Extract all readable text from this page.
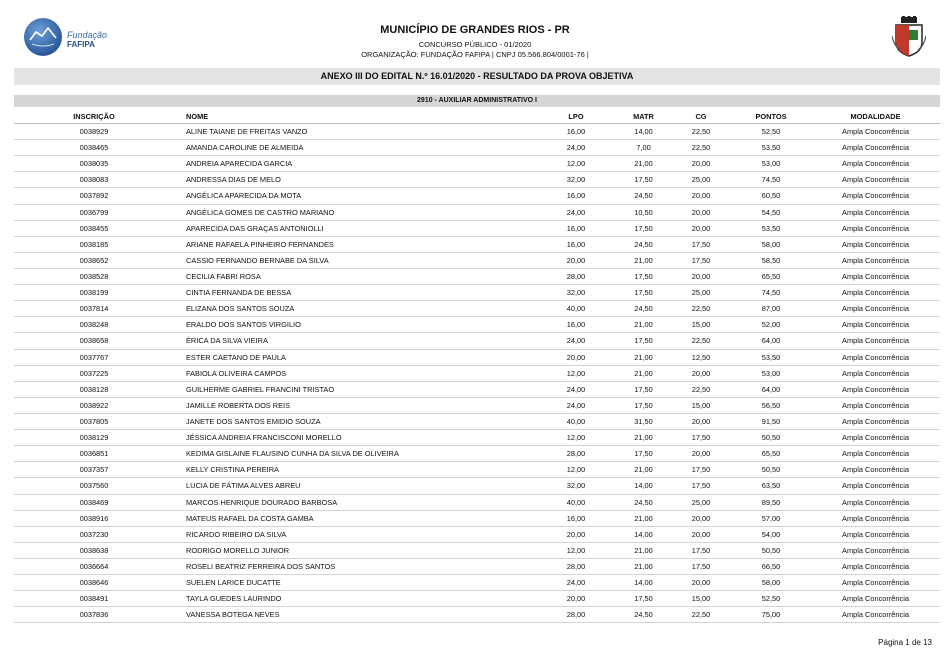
Fundação
FAFIPA
MUNICÍPIO DE GRANDES RIOS - PR
CONCURSO PÚBLICO - 01/2020
ORGANIZAÇÃO: FUNDAÇÃO FAFIPA | CNPJ 05.566.804/0001-76 |
ANEXO III DO EDITAL N.º 16.01/2020 - RESULTADO DA PROVA OBJETIVA
2910 - AUXILIAR ADMINISTRATIVO I
INSCRIÇÃO	NOME	LPO	MATR	CG	PONTOS	MODALIDADE
0038929	ALINE TAIANE DE FREITAS VANZO	16,00	14,00	22,50	52,50	Ampla Concorrência
0038465	AMANDA CAROLINE DE ALMEIDA	24,00	7,00	22,50	53,50	Ampla Concorrência
0038035	ANDREIA APARECIDA GARCIA	12,00	21,00	20,00	53,00	Ampla Concorrência
0038083	ANDRESSA DIAS DE MELO	32,00	17,50	25,00	74,50	Ampla Concorrência
0037892	ANGÉLICA APARECIDA DA MOTA	16,00	24,50	20,00	60,50	Ampla Concorrência
0036799	ANGÉLICA GOMES DE CASTRO MARIANO	24,00	10,50	20,00	54,50	Ampla Concorrência
0038455	APARECIDA DAS GRAÇAS ANTONIOLLI	16,00	17,50	20,00	53,50	Ampla Concorrência
0038185	ARIANE RAFAELA PINHEIRO FERNANDES	16,00	24,50	17,50	58,00	Ampla Concorrência
0038652	CASSIO FERNANDO BERNABE DA SILVA	20,00	21,00	17,50	58,50	Ampla Concorrência
0038528	CECILIA FABRI ROSA	28,00	17,50	20,00	65,50	Ampla Concorrência
0038199	CINTIA FERNANDA DE BESSA	32,00	17,50	25,00	74,50	Ampla Concorrência
0037814	ELIZANA DOS SANTOS SOUZA	40,00	24,50	22,50	87,00	Ampla Concorrência
0038248	ERALDO DOS SANTOS VIRGILIO	16,00	21,00	15,00	52,00	Ampla Concorrência
0038658	ÉRICA DA SILVA VIEIRA	24,00	17,50	22,50	64,00	Ampla Concorrência
0037767	ESTER CAETANO DE PAULA	20,00	21,00	12,50	53,50	Ampla Concorrência
0037225	FABIOLA OLIVEIRA CAMPOS	12,00	21,00	20,00	53,00	Ampla Concorrência
0038128	GUILHERME GABRIEL FRANCINI TRISTAO	24,00	17,50	22,50	64,00	Ampla Concorrência
0038922	JAMILLE ROBERTA DOS REIS	24,00	17,50	15,00	56,50	Ampla Concorrência
0037805	JANETE DOS SANTOS EMIDIO SOUZA	40,00	31,50	20,00	91,50	Ampla Concorrência
0038129	JÉSSICA ANDREIA FRANCISCONI MORELLO	12,00	21,00	17,50	50,50	Ampla Concorrência
0036851	KEDIMA GISLAINE FLAUSINO CUNHA DA SILVA DE OLIVEIRA	28,00	17,50	20,00	65,50	Ampla Concorrência
0037357	KELLY CRISTINA PEREIRA	12,00	21,00	17,50	50,50	Ampla Concorrência
0037560	LUCIA DE FÁTIMA ALVES ABREU	32,00	14,00	17,50	63,50	Ampla Concorrência
0038469	MARCOS HENRIQUE DOURADO BARBOSA	40,00	24,50	25,00	89,50	Ampla Concorrência
0038916	MATEUS RAFAEL DA COSTA GAMBA	16,00	21,00	20,00	57,00	Ampla Concorrência
0037230	RICARDO RIBEIRO DA SILVA	20,00	14,00	20,00	54,00	Ampla Concorrência
0038638	RODRIGO MORELLO JUNIOR	12,00	21,00	17,50	50,50	Ampla Concorrência
0036664	ROSELI BEATRIZ FERREIRA DOS SANTOS	28,00	21,00	17,50	66,50	Ampla Concorrência
0038646	SUELEN LARICE DUCATTE	24,00	14,00	20,00	58,00	Ampla Concorrência
0038491	TAYLA GUEDES LAURINDO	20,00	17,50	15,00	52,50	Ampla Concorrência
0037836	VANESSA BOTEGA NEVES	28,00	24,50	22,50	75,00	Ampla Concorrência
Página 1 de 13
